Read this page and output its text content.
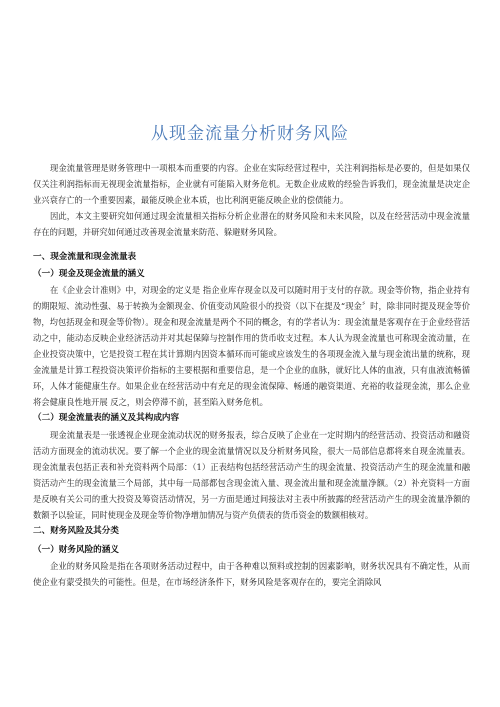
从现金流量分析财务风险

现金流量管理是财务管理中一项根本而重要的内容。企业在实际经营过程中，关注利润指标是必要的，但是如果仅仅关注利润指标而无视现金流量指标，企业就有可能陷入财务危机。无数企业成败的经验告诉我们，现金流量是决定企业兴衰存亡的一个重要因素，最能反映企业本质，也比利润更能反映企业的偿债能力。

因此，本文主要研究如何通过现金流量相关指标分析企业潜在的财务风险和未来风险，以及在经营活动中现金流量存在的问题，并研究如何通过改善现金流量来防范、躲避财务风险。

一、现金流量和现金流量表
（一）现金及现金流量的涵义

在《企业会计准则》中，对现金的定义是 指企业库存现金以及可以随时用于支付的存款。现金等价物，指企业持有的期限短、流动性强、易于转换为金额现金、价值变动风险很小的投资（以下在提及“现金〞时，除非同时提及现金等价物，均包括现金和现金等价物）。现金和现金流量是两个不同的概念，有的学者认为：现金流量是客观存在于企业经营活动之中，能动态反映企业经济活动并对其起保障与控制作用的货币收支过程。本人认为现金流量也可称现金流动量，在企业投资决策中，它是投资工程在其计算期内因资本循环而可能或应该发生的各项现金流入量与现金流出量的统称，现金流量是计算工程投资决策评价指标的主要根据和重要信息，是一个企业的血脉，就好比人体的血液，只有血液流畅循环，人体才能健康生存。如果企业在经营活动中有充足的现金流保障、畅通的融资渠道、充裕的收益现金流，那么企业将会健康良性地开展 反之，则会停滞不前，甚至陷入财务危机。

（二）现金流量表的涵义及其构成内容

现金流量表是一张透视企业现金流动状况的财务报表，综合反映了企业在一定时期内的经营活动、投资活动和融资活动方面现金的流动状况。要了解一个企业的现金流量情况以及分析财务风险，很大一局部信息都将来自现金流量表。现金流量表包括正表和补充资料两个局部：（1）正表结构包括经营活动产生的现金流量、投资活动产生的现金流量和融资活动产生的现金流量三个局部，其中每一局部都包含现金流入量、现金流出量和现金流量净额。（2）补充资料一方面是反映有关公司的重大投资及筹资活动情况，另一方面是通过间接法对主表中所披露的经营活动产生的现金流量净额的数额予以验证，同时使现金及现金等价物净增加情况与资产负债表的货币资金的数额相核对。

二、财务风险及其分类
（一）财务风险的涵义

企业的财务风险是指在各项财务活动过程中，由于各种难以预料或控制的因素影响，财务状况具有不确定性，从而使企业有蒙受损失的可能性。但是，在市场经济条件下，财务风险是客观存在的，要完全消除风
